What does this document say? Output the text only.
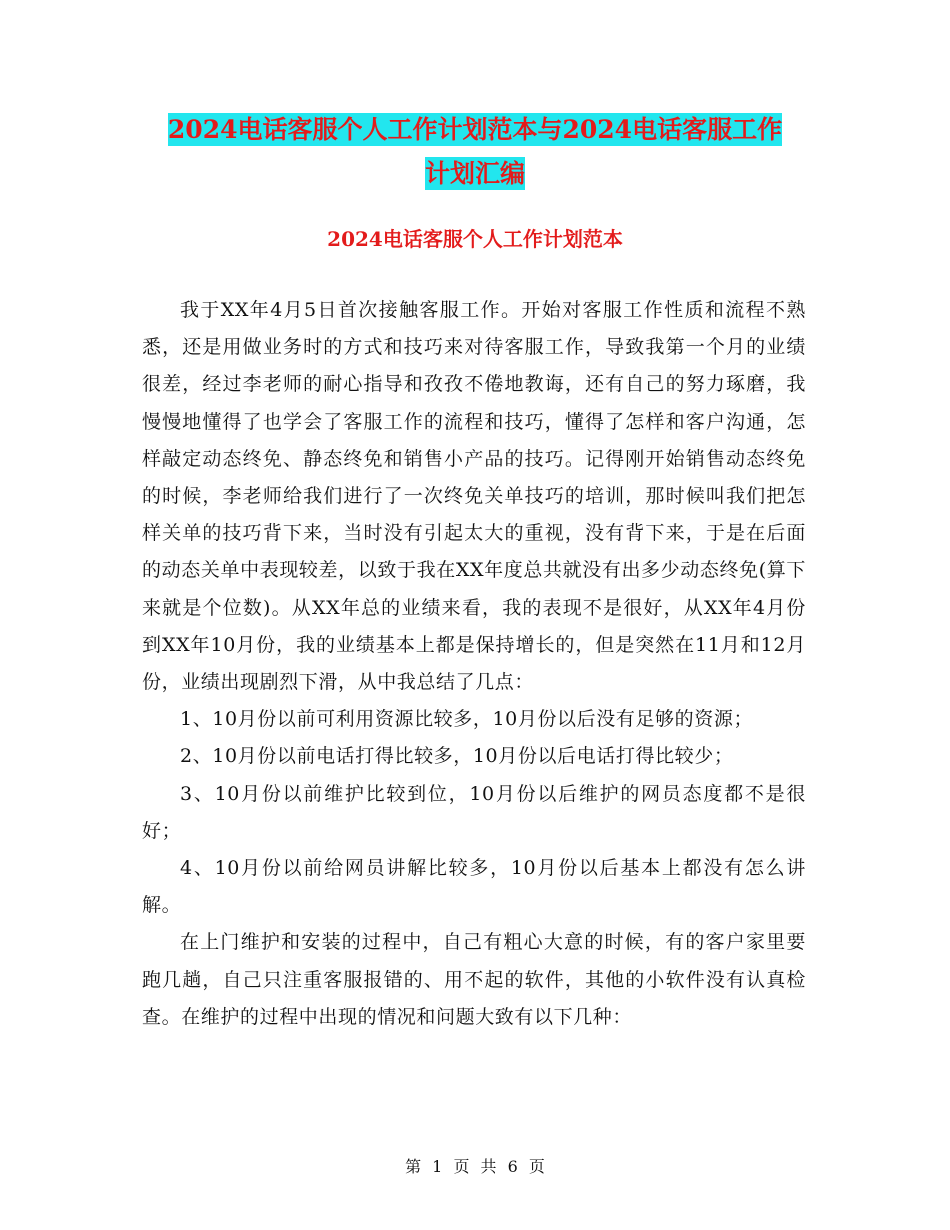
2024电话客服个人工作计划范本与2024电话客服工作
计划汇编
2024电话客服个人工作计划范本

我于XX年4月5日首次接触客服工作。开始对客服工作性质和流程不熟悉，还是用做业务时的方式和技巧来对待客服工作，导致我第一个月的业绩很差，经过李老师的耐心指导和孜孜不倦地教诲，还有自己的努力琢磨，我慢慢地懂得了也学会了客服工作的流程和技巧，懂得了怎样和客户沟通，怎样敲定动态终免、静态终免和销售小产品的技巧。记得刚开始销售动态终免的时候，李老师给我们进行了一次终免关单技巧的培训，那时候叫我们把怎样关单的技巧背下来，当时没有引起太大的重视，没有背下来，于是在后面的动态关单中表现较差，以致于我在XX年度总共就没有出多少动态终免(算下来就是个位数)。从XX年总的业绩来看，我的表现不是很好，从XX年4月份到XX年10月份，我的业绩基本上都是保持增长的，但是突然在11月和12月份，业绩出现剧烈下滑，从中我总结了几点：

1、10月份以前可利用资源比较多，10月份以后没有足够的资源；

2、10月份以前电话打得比较多，10月份以后电话打得比较少；

3、10月份以前维护比较到位，10月份以后维护的网员态度都不是很好；

4、10月份以前给网员讲解比较多，10月份以后基本上都没有怎么讲解。

在上门维护和安装的过程中，自己有粗心大意的时候，有的客户家里要跑几趟，自己只注重客服报错的、用不起的软件，其他的小软件没有认真检查。在维护的过程中出现的情况和问题大致有以下几种：

第 1 页 共 6 页
